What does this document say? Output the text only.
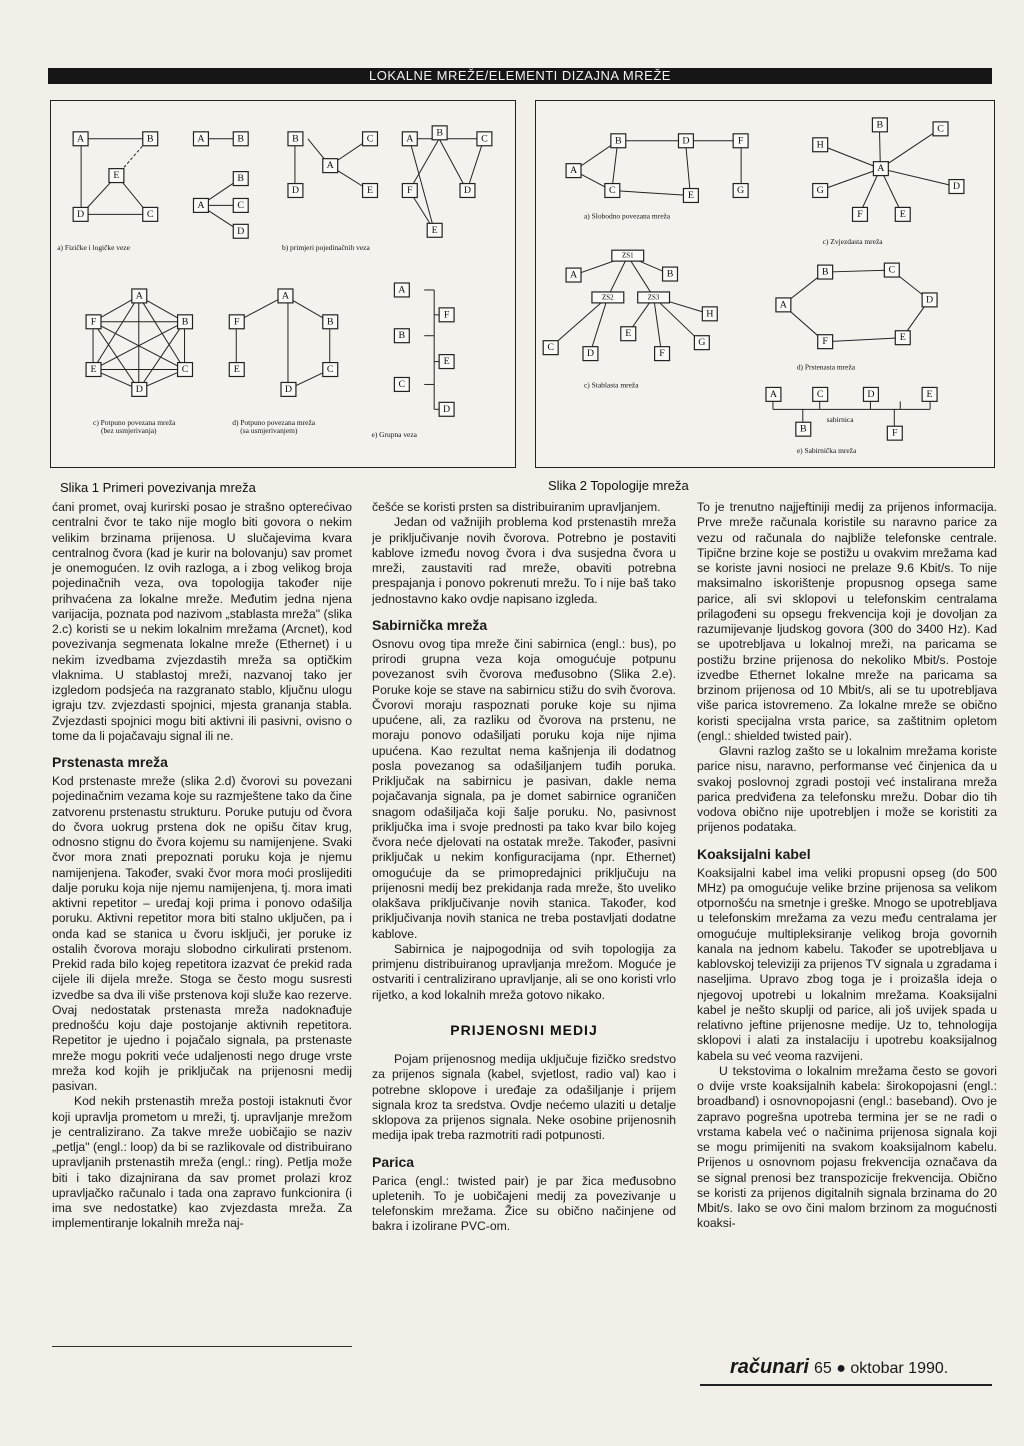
LOKALNE MREŽE/ELEMENTI DIZAJNA MREŽE
A	B
E
D	C
A	B
B
A	C
D
B
D
A
C
E
A
B
C
F	D
E
a) Fizičke i logičke veze	b) primjeri pojedinačnih veza
A
F	B
E	C
D
A
F	B
E	C
D
A
B
C
F
E
D
c) Potpuno povezana mreža
(bez usmjerivanja)
d) Potpuno povezana mreža
(sa usmjerivanjem)	e) Grupna veza
A
B
C
D
E
F
G
a) Slobodno povezana mreža
A
B	C
H
D
G
F	E
c) Zvjezdasta mreža
ZS1
ZS2	ZS3
A	B
H
C
D
E
F
G
c) Stablasta mreža
B	C
D
E
F
A
d) Prstenasta mreža
A	C	D	E
B	F
sabirnica
e) Sabirnička mreža
Slika 1 Primeri povezivanja mreža	Slika 2 Topologije mreža

ćani promet, ovaj kurirski posao je strašno opterećivao centralni čvor te tako nije moglo biti govora o nekim velikim brzinama prijenosa. U slučajevima kvara centralnog čvora (kad je kurir na bolovanju) sav promet je onemogućen. Iz ovih razloga, a i zbog velikog broja pojedinačnih veza, ova topologija također nije prihvaćena za lokalne mreže. Međutim jedna njena varijacija, poznata pod nazivom „stablasta mreža" (slika 2.c) koristi se u nekim lokalnim mrežama (Arcnet), kod povezivanja segmenata lokalne mreže (Ethernet) i u nekim izvedbama zvjezdastih mreža sa optičkim vlaknima. U stablastoj mreži, nazvanoj tako jer izgledom podsjeća na razgranato stablo, ključnu ulogu igraju tzv. zvjezdasti spojnici, mjesta grananja stabla. Zvjezdasti spojnici mogu biti aktivni ili pasivni, ovisno o tome da li pojačavaju signal ili ne.

Prstenasta mreža

Kod prstenaste mreže (slika 2.d) čvorovi su povezani pojedinačnim vezama koje su razmještene tako da čine zatvorenu prstenastu strukturu. Poruke putuju od čvora do čvora uokrug prstena dok ne opišu čitav krug, odnosno stignu do čvora kojemu su namijenjene. Svaki čvor mora znati prepoznati poruku koja je njemu namijenjena. Također, svaki čvor mora moći proslijediti dalje poruku koja nije njemu namijenjena, tj. mora imati aktivni repetitor – uređaj koji prima i ponovo odašilja poruku. Aktivni repetitor mora biti stalno uključen, pa i onda kad se stanica u čvoru isključi, jer poruke iz ostalih čvorova moraju slobodno cirkulirati prstenom. Prekid rada bilo kojeg repetitora izazvat će prekid rada cijele ili dijela mreže. Stoga se često mogu susresti izvedbe sa dva ili više prstenova koji služe kao rezerve. Ovaj nedostatak prstenasta mreža nadoknađuje prednošću koju daje postojanje aktivnih repetitora. Repetitor je ujedno i pojačalo signala, pa prstenaste mreže mogu pokriti veće udaljenosti nego druge vrste mreža kod kojih je priključak na prijenosni medij pasivan.

Kod nekih prstenastih mreža postoji istaknuti čvor koji upravlja prometom u mreži, tj. upravljanje mrežom je centralizirano. Za takve mreže uobičajio se naziv „petlja" (engl.: loop) da bi se razlikovale od distribuirano upravljanih prstenastih mreža (engl.: ring). Petlja može biti i tako dizajnirana da sav promet prolazi kroz upravljačko računalo i tada ona zapravo funkcionira (i ima sve nedostatke) kao zvjezdasta mreža. Za implementiranje lokalnih mreža naj-

češće se koristi prsten sa distribuiranim upravljanjem.

Jedan od važnijih problema kod prstenastih mreža je priključivanje novih čvorova. Potrebno je postaviti kablove između novog čvora i dva susjedna čvora u mreži, zaustaviti rad mreže, obaviti potrebna prespajanja i ponovo pokrenuti mrežu. To i nije baš tako jednostavno kako ovdje napisano izgleda.

Sabirnička mreža

Osnovu ovog tipa mreže čini sabirnica (engl.: bus), po prirodi grupna veza koja omogućuje potpunu povezanost svih čvorova međusobno (Slika 2.e). Poruke koje se stave na sabirnicu stižu do svih čvorova. Čvorovi moraju raspoznati poruke koje su njima upućene, ali, za razliku od čvorova na prstenu, ne moraju ponovo odašiljati poruku koja nije njima upućena. Kao rezultat nema kašnjenja ili dodatnog posla povezanog sa odašiljanjem tuđih poruka. Priključak na sabirnicu je pasivan, dakle nema pojačavanja signala, pa je domet sabirnice ograničen snagom odašiljača koji šalje poruku. No, pasivnost priključka ima i svoje prednosti pa tako kvar bilo kojeg čvora neće djelovati na ostatak mreže. Također, pasivni priključak u nekim konfiguracijama (npr. Ethernet) omogućuje da se primopredajnici priključuju na prijenosni medij bez prekidanja rada mreže, što uveliko olakšava priključivanje novih stanica. Također, kod priključivanja novih stanica ne treba postavljati dodatne kablove.

Sabirnica je najpogodnija od svih topologija za primjenu distribuiranog upravljanja mrežom. Moguće je ostvariti i centralizirano upravljanje, ali se ono koristi vrlo rijetko, a kod lokalnih mreža gotovo nikako.

PRIJENOSNI MEDIJ

Pojam prijenosnog medija uključuje fizičko sredstvo za prijenos signala (kabel, svjetlost, radio val) kao i potrebne sklopove i uređaje za odašiljanje i prijem signala kroz ta sredstva. Ovdje nećemo ulaziti u detalje sklopova za prijenos signala. Neke osobine prijenosnih medija ipak treba razmotriti radi potpunosti.

Parica

Parica (engl.: twisted pair) je par žica međusobno upletenih. To je uobičajeni medij za povezivanje u telefonskim mrežama. Žice su obično načinjene od bakra i izolirane PVC-om.

To je trenutno najjeftiniji medij za prijenos informacija. Prve mreže računala koristile su naravno parice za vezu od računala do najbliže telefonske centrale. Tipične brzine koje se postižu u ovakvim mrežama kad se koriste javni nosioci ne prelaze 9.6 Kbit/s. To nije maksimalno iskorištenje propusnog opsega same parice, ali svi sklopovi u telefonskim centralama prilagođeni su opsegu frekvencija koji je dovoljan za razumijevanje ljudskog govora (300 do 3400 Hz). Kad se upotrebljava u lokalnoj mreži, na paricama se postižu brzine prijenosa do nekoliko Mbit/s. Postoje izvedbe Ethernet lokalne mreže na paricama sa brzinom prijenosa od 10 Mbit/s, ali se tu upotrebljava više parica istovremeno. Za lokalne mreže se obično koristi specijalna vrsta parice, sa zaštitnim opletom (engl.: shielded twisted pair).

Glavni razlog zašto se u lokalnim mrežama koriste parice nisu, naravno, performanse već činjenica da u svakoj poslovnoj zgradi postoji već instalirana mreža parica predviđena za telefonsku mrežu. Dobar dio tih vodova obično nije upotrebljen i može se koristiti za prijenos podataka.

Koaksijalni kabel

Koaksijalni kabel ima veliki propusni opseg (do 500 MHz) pa omogućuje velike brzine prijenosa sa velikom otpornošću na smetnje i greške. Mnogo se upotrebljava u telefonskim mrežama za vezu među centralama jer omogućuje multipleksiranje velikog broja govornih kanala na jednom kabelu. Također se upotrebljava u kablovskoj televiziji za prijenos TV signala u zgradama i naseljima. Upravo zbog toga je i proizašla ideja o njegovoj upotrebi u lokalnim mrežama. Koaksijalni kabel je nešto skuplji od parice, ali još uvijek spada u relativno jeftine prijenosne medije. Uz to, tehnologija sklopovi i alati za instalaciju i upotrebu koaksijalnog kabela su već veoma razvijeni.

U tekstovima o lokalnim mrežama često se govori o dvije vrste koaksijalnih kabela: širokopojasni (engl.: broadband) i osnovnopojasni (engl.: baseband). Ovo je zapravo pogrešna upotreba termina jer se ne radi o vrstama kabela već o načinima prijenosa signala koji se mogu primijeniti na svakom koaksijalnom kabelu. Prijenos u osnovnom pojasu frekvencija označava da se signal prenosi bez transpozicije frekvencija. Obično se koristi za prijenos digitalnih signala brzinama do 20 Mbit/s. Iako se ovo čini malom brzinom za mogućnosti koaksi-

računari 65 ● oktobar 1990.
